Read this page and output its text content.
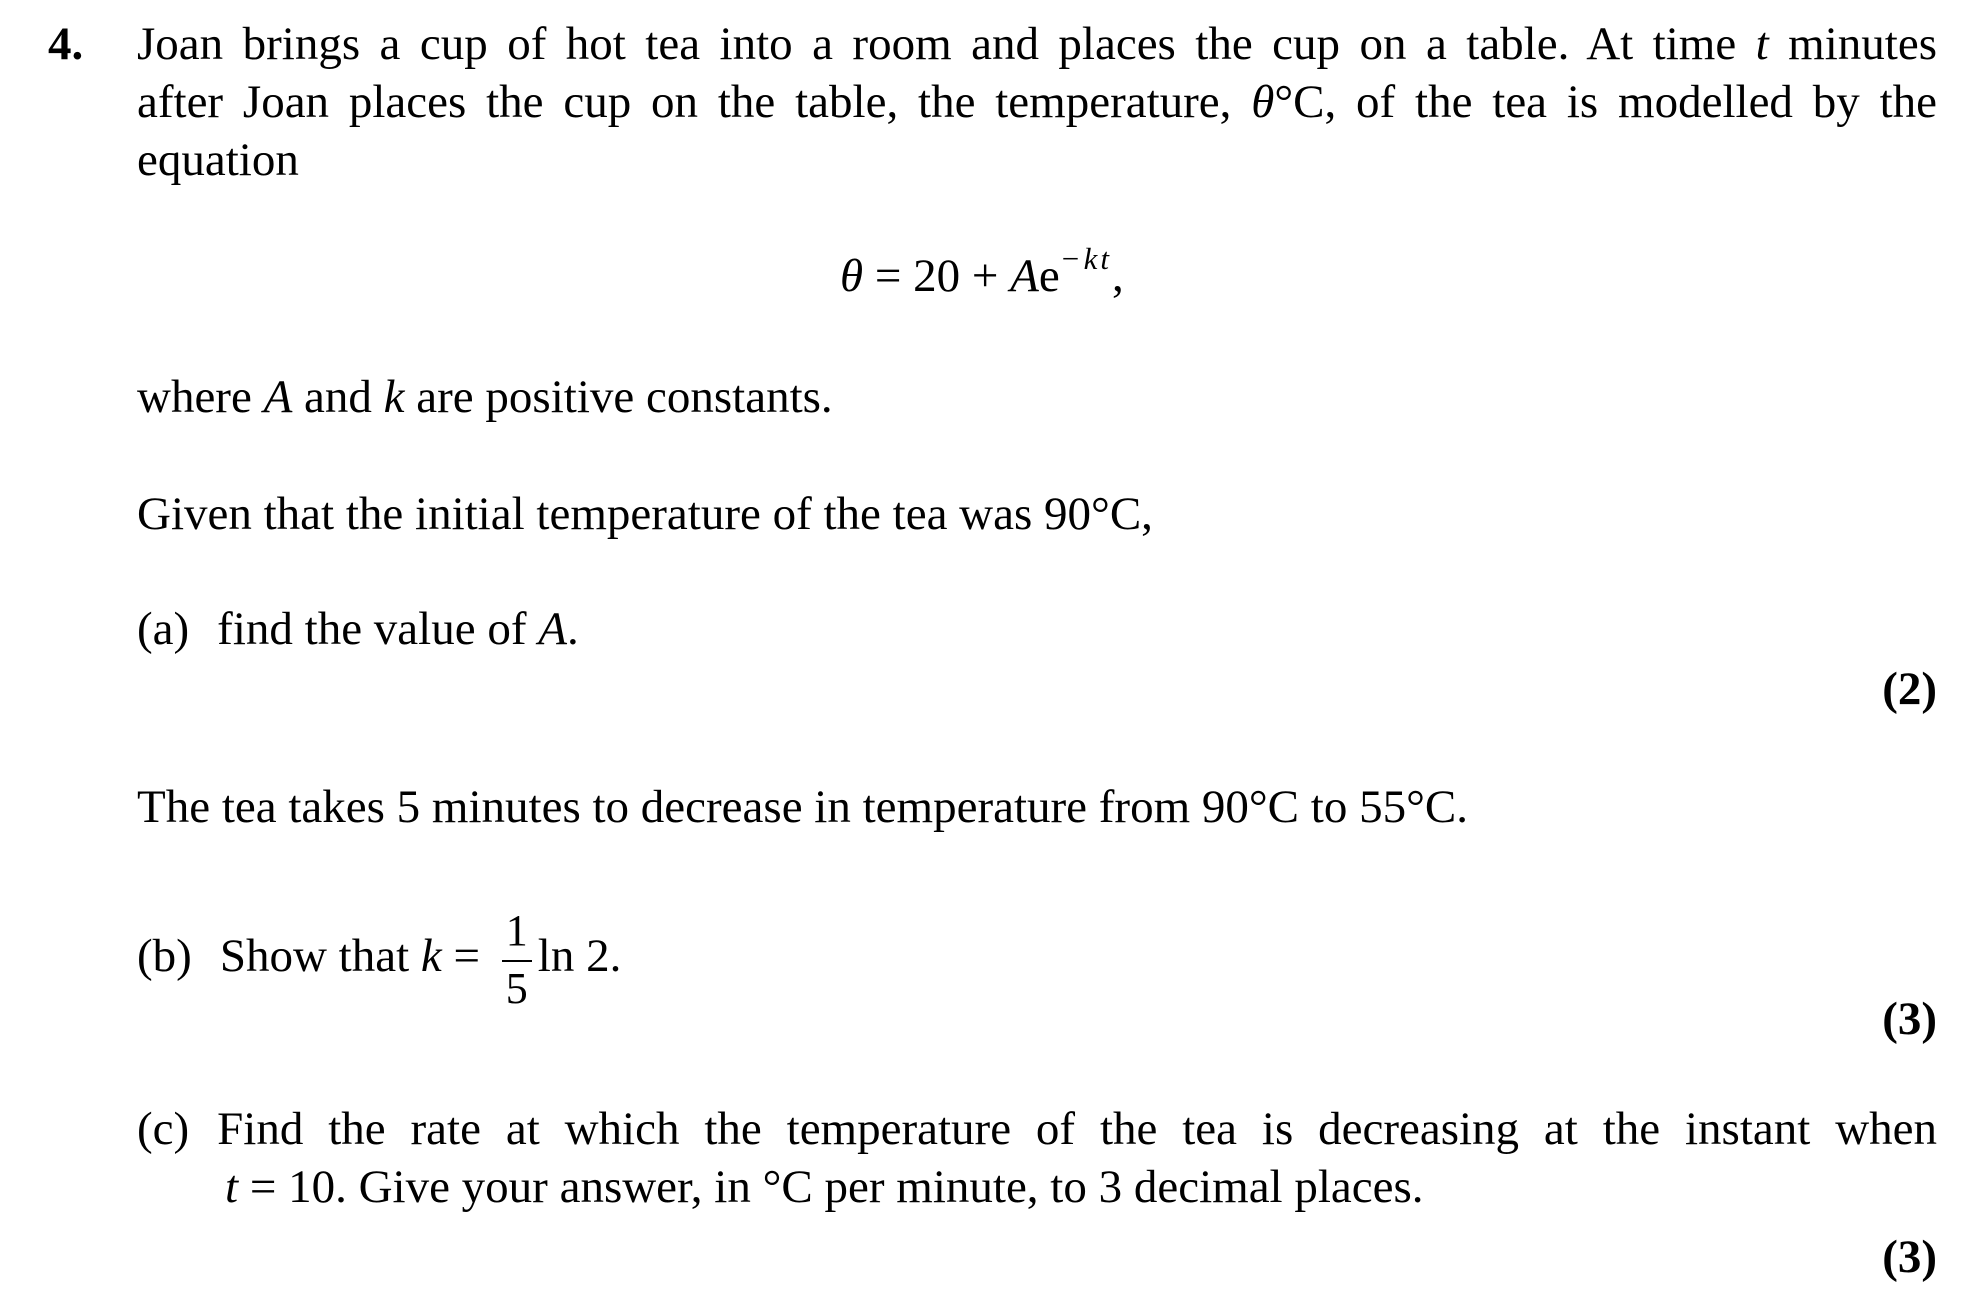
4. Joan brings a cup of hot tea into a room and places the cup on a table. At time t minutes
after Joan places the cup on the table, the temperature, θ°C, of the tea is modelled by the
equation
$\theta = 20 + Ae^{-kt}$,
where A and k are positive constants.
Given that the initial temperature of the tea was 90°C,
(a) find the value of A.
(2)
The tea takes 5 minutes to decrease in temperature from 90°C to 55°C.
(b) Show that $k = \frac{1}{5}$ ln 2.
(3)
(c) Find the rate at which the temperature of the tea is decreasing at the instant when
t = 10. Give your answer, in °C per minute, to 3 decimal places.
(3)
